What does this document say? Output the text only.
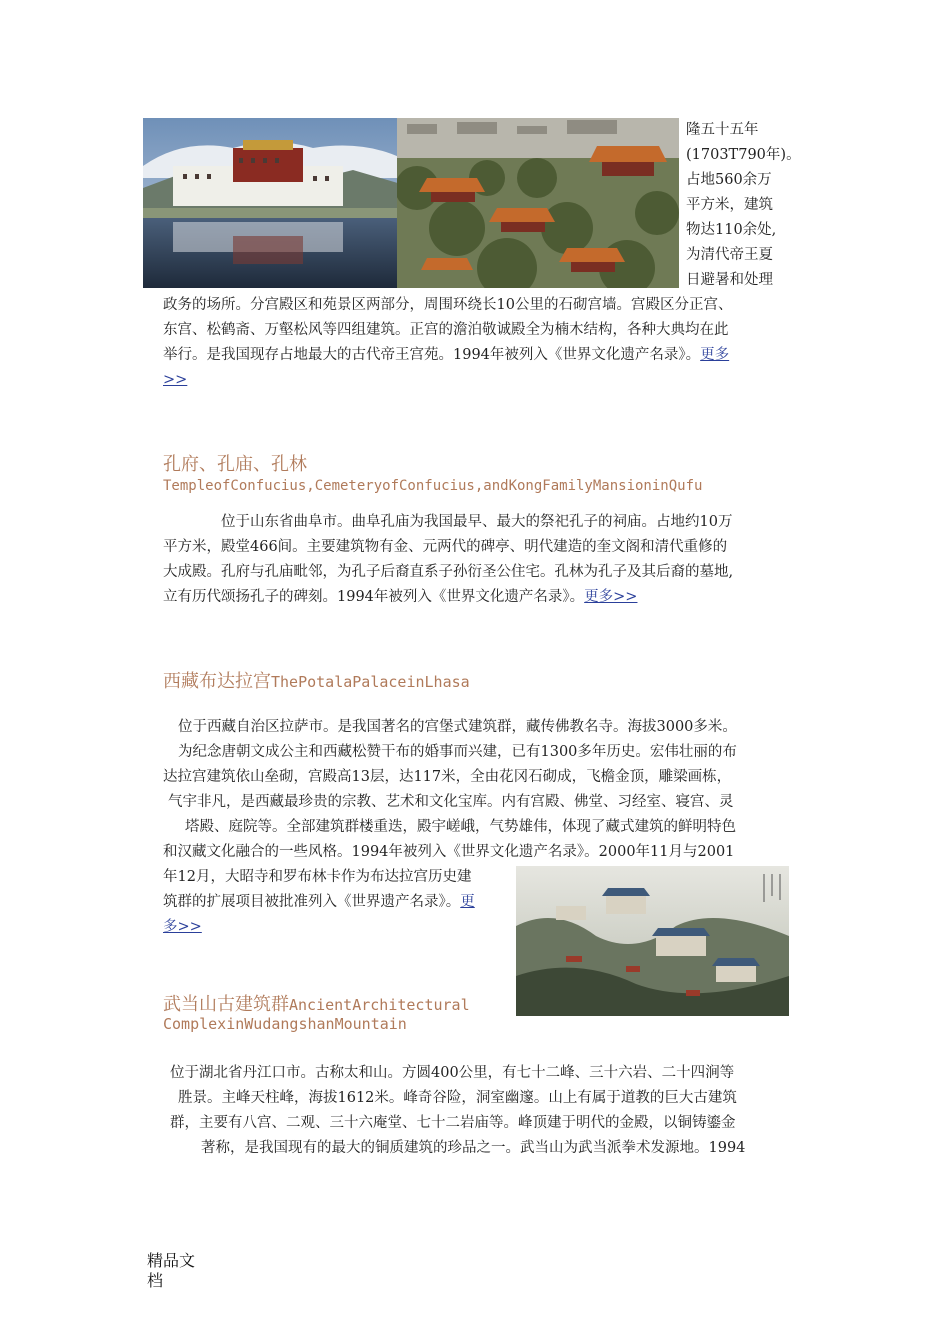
隆五十五年
(1703T790年)。
占地560余万
平方米，建筑
物达110余处,
为清代帝王夏
日避暑和处理
政务的场所。分宫殿区和苑景区两部分，周围环绕长10公里的石砌宫墙。宫殿区分正宫、
东宫、松鹤斋、万壑松风等四组建筑。正宫的澹泊敬诚殿全为楠木结构，各种大典均在此
举行。是我国现存占地最大的古代帝王宫苑。1994年被列入《世界文化遗产名录》。更多
>>
孔府、孔庙、孔林
TempleofConfucius,CemeteryofConfucius,andKongFamilyMansioninQufu
位于山东省曲阜市。曲阜孔庙为我国最早、最大的祭祀孔子的祠庙。占地约10万
平方米，殿堂466间。主要建筑物有金、元两代的碑亭、明代建造的奎文阁和清代重修的
大成殿。孔府与孔庙毗邻，为孔子后裔直系子孙衍圣公住宅。孔林为孔子及其后裔的墓地,
立有历代颂扬孔子的碑刻。1994年被列入《世界文化遗产名录》。更多>>
西藏布达拉宫ThePotalaPalaceinLhasa
位于西藏自治区拉萨市。是我国著名的宫堡式建筑群，藏传佛教名寺。海拔3000多米。
为纪念唐朝文成公主和西藏松赞干布的婚事而兴建，已有1300多年历史。宏伟壮丽的布
达拉宫建筑依山垒砌，宫殿高13层，达117米，全由花冈石砌成，飞檐金顶，雕梁画栋，
气宇非凡，是西藏最珍贵的宗教、艺术和文化宝库。内有宫殿、佛堂、习经室、寝宫、灵
塔殿、庭院等。全部建筑群楼重迭，殿宇嵯峨，气势雄伟，体现了藏式建筑的鲜明特色
和汉藏文化融合的一些风格。1994年被列入《世界文化遗产名录》。2000年11月与2001
年12月，大昭寺和罗布林卡作为布达拉宫历史建
筑群的扩展项目被批准列入《世界遗产名录》。更
多>>
武当山古建筑群AncientArchitectural
ComplexinWudangshanMountain
位于湖北省丹江口市。古称太和山。方圆400公里，有七十二峰、三十六岩、二十四涧等
胜景。主峰天柱峰，海拔1612米。峰奇谷险，洞室幽邃。山上有属于道教的巨大古建筑
群，主要有八宫、二观、三十六庵堂、七十二岩庙等。峰顶建于明代的金殿，以铜铸鎏金
著称，是我国现有的最大的铜质建筑的珍品之一。武当山为武当派拳术发源地。1994
精品文
档
